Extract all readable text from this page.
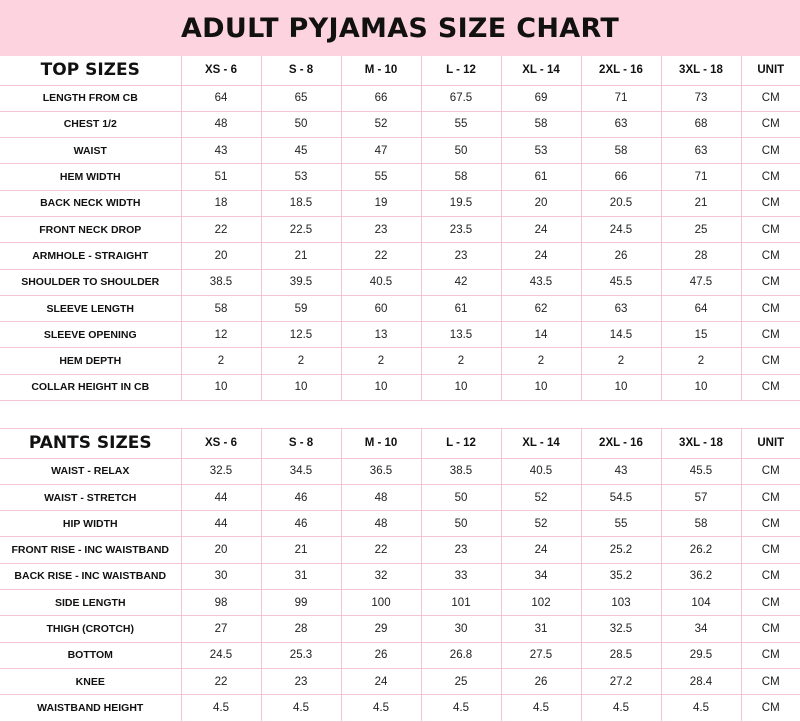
ADULT PYJAMAS SIZE CHART
TOP SIZES	XS - 6	S - 8	M - 10	L - 12	XL - 14	2XL - 16	3XL - 18	UNIT
LENGTH FROM CB	64	65	66	67.5	69	71	73	CM
CHEST 1/2	48	50	52	55	58	63	68	CM
WAIST	43	45	47	50	53	58	63	CM
HEM WIDTH	51	53	55	58	61	66	71	CM
BACK NECK WIDTH	18	18.5	19	19.5	20	20.5	21	CM
FRONT NECK DROP	22	22.5	23	23.5	24	24.5	25	CM
ARMHOLE - STRAIGHT	20	21	22	23	24	26	28	CM
SHOULDER TO SHOULDER	38.5	39.5	40.5	42	43.5	45.5	47.5	CM
SLEEVE LENGTH	58	59	60	61	62	63	64	CM
SLEEVE OPENING	12	12.5	13	13.5	14	14.5	15	CM
HEM DEPTH	2	2	2	2	2	2	2	CM
COLLAR HEIGHT IN CB	10	10	10	10	10	10	10	CM
PANTS SIZES	XS - 6	S - 8	M - 10	L - 12	XL - 14	2XL - 16	3XL - 18	UNIT
WAIST - RELAX	32.5	34.5	36.5	38.5	40.5	43	45.5	CM
WAIST - STRETCH	44	46	48	50	52	54.5	57	CM
HIP WIDTH	44	46	48	50	52	55	58	CM
FRONT RISE - INC WAISTBAND	20	21	22	23	24	25.2	26.2	CM
BACK RISE - INC WAISTBAND	30	31	32	33	34	35.2	36.2	CM
SIDE LENGTH	98	99	100	101	102	103	104	CM
THIGH (CROTCH)	27	28	29	30	31	32.5	34	CM
BOTTOM	24.5	25.3	26	26.8	27.5	28.5	29.5	CM
KNEE	22	23	24	25	26	27.2	28.4	CM
WAISTBAND HEIGHT	4.5	4.5	4.5	4.5	4.5	4.5	4.5	CM
